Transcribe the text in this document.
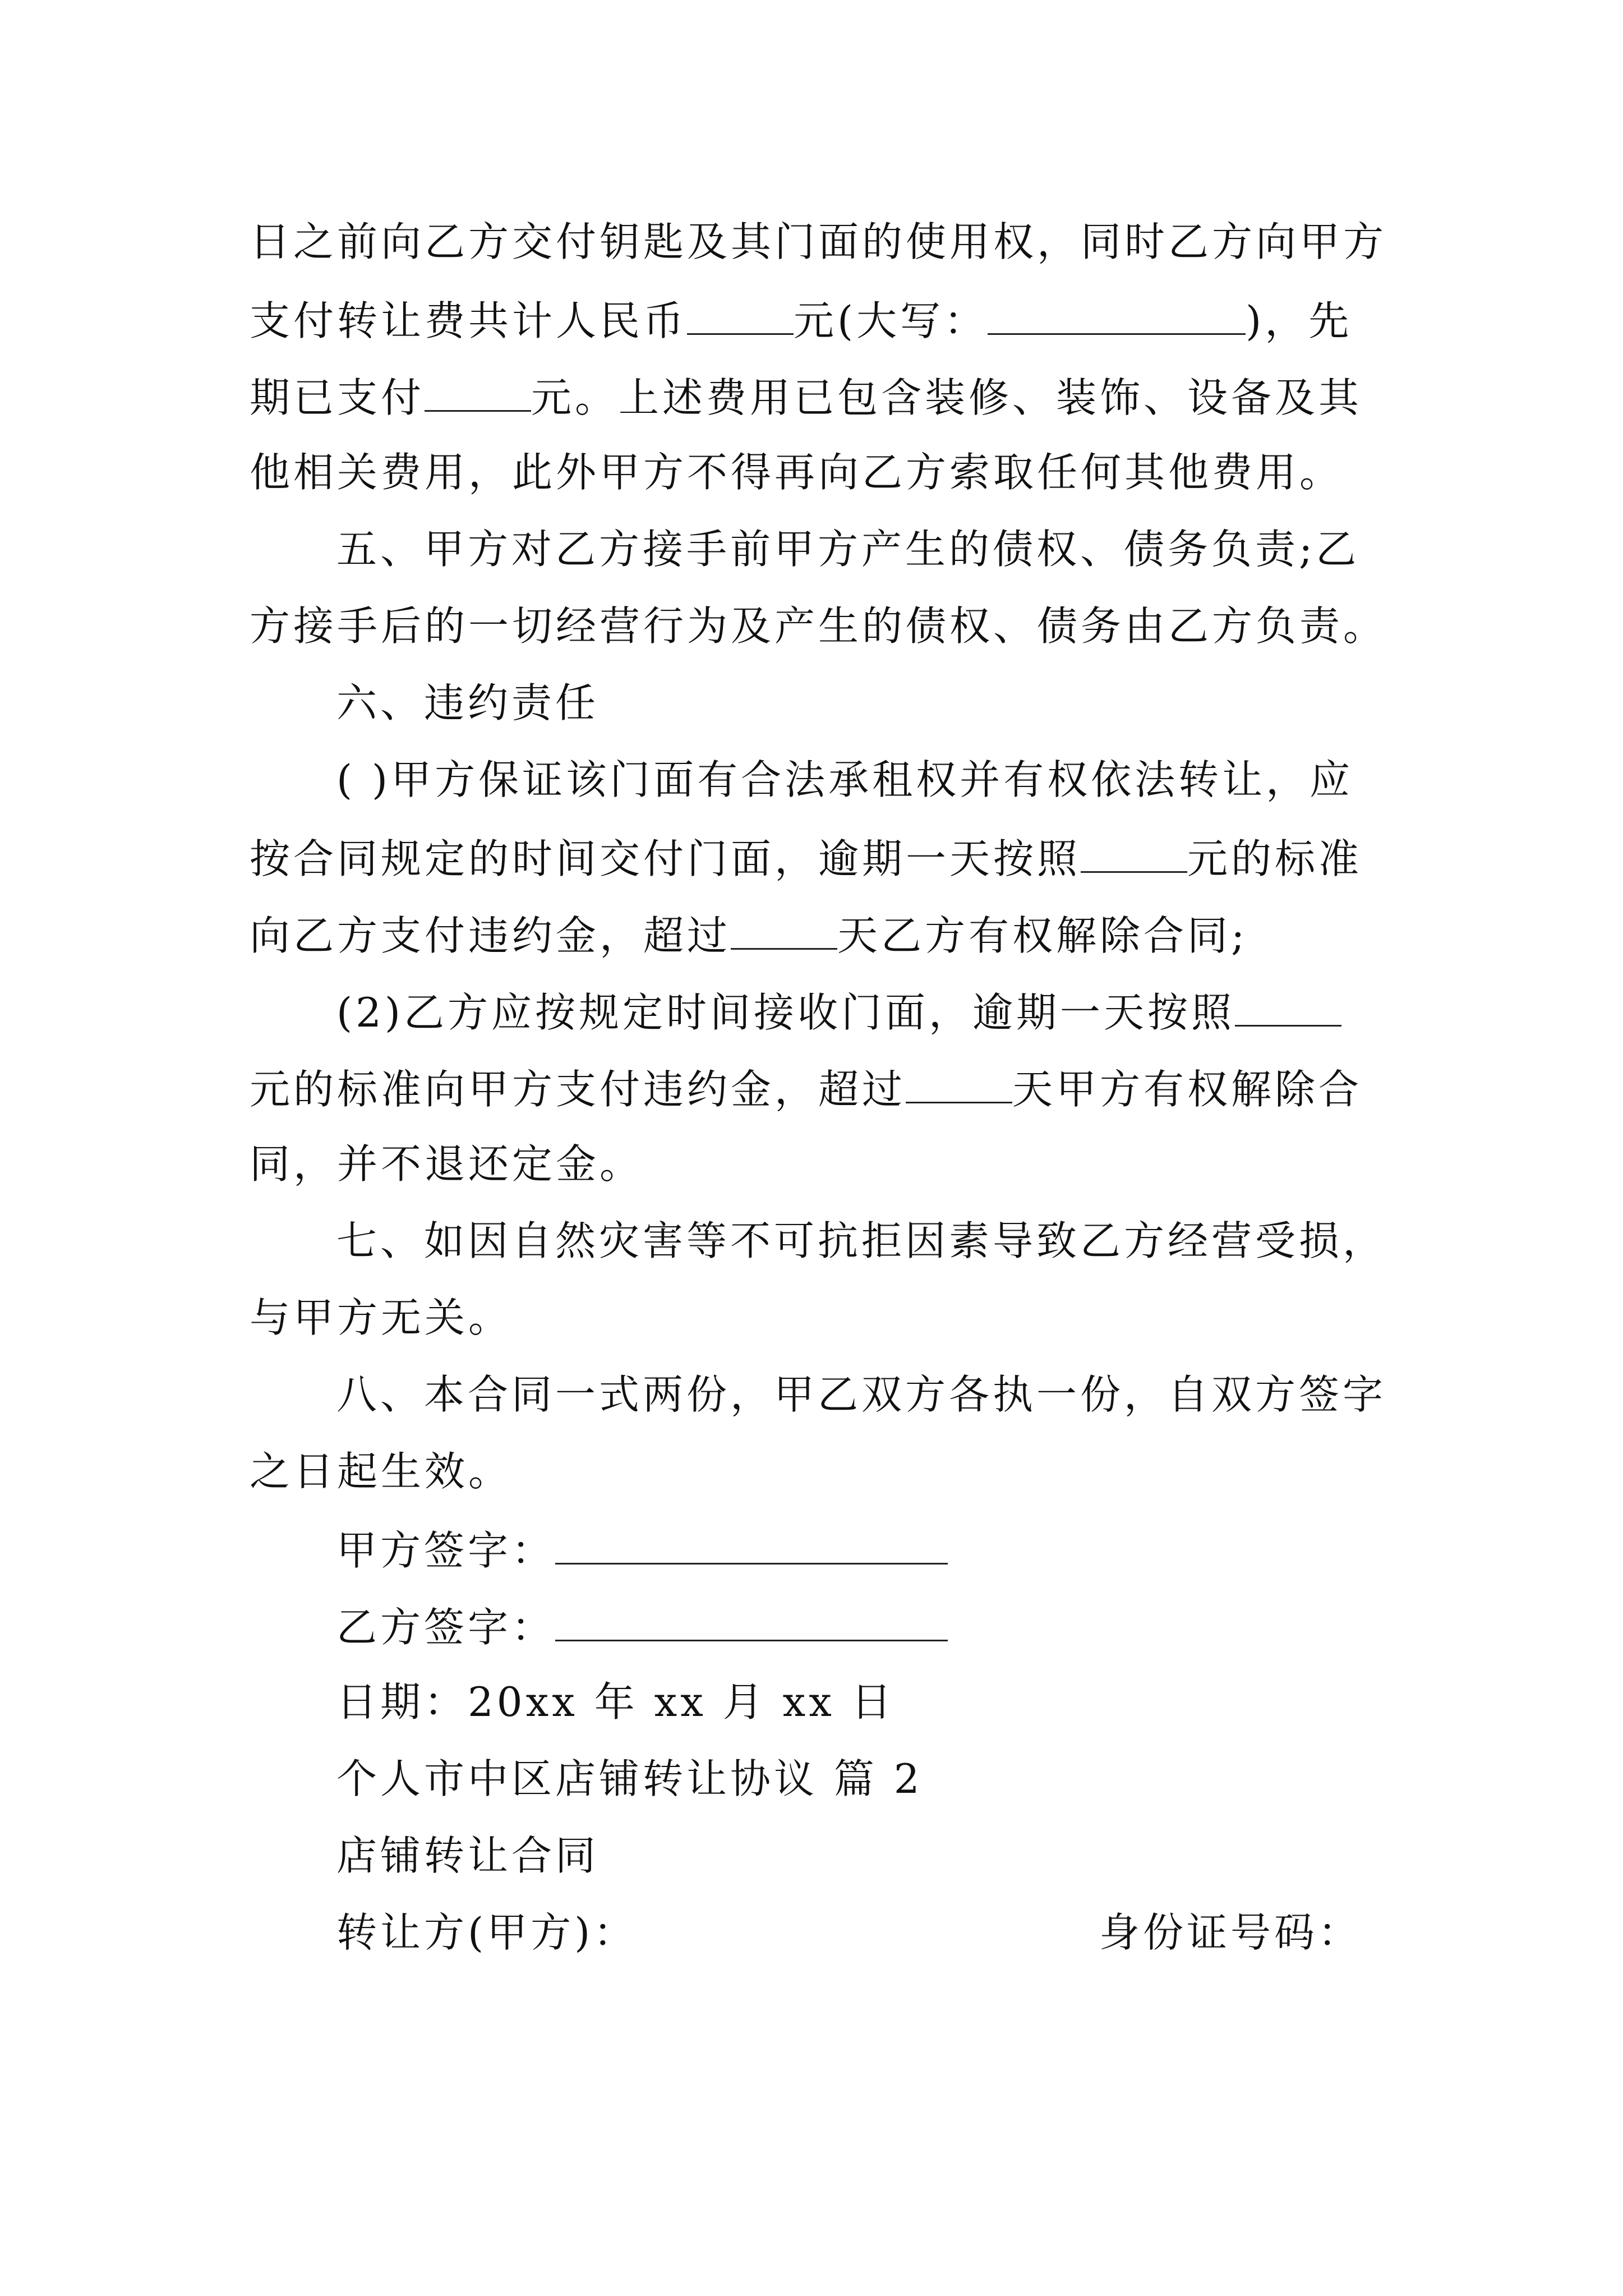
日之前向乙方交付钥匙及其门面的使用权，同时乙方向甲方
支付转让费共计人民币	元(大写：	)，先
期已支付	元。上述费用已包含装修、装饰、设备及其
他相关费用，此外甲方不得再向乙方索取任何其他费用。
五、甲方对乙方接手前甲方产生的债权、债务负责;乙
方接手后的一切经营行为及产生的债权、债务由乙方负责。
六、违约责任
( )甲方保证该门面有合法承租权并有权依法转让，应
按合同规定的时间交付门面，逾期一天按照	元的标准
向乙方支付违约金，超过	天乙方有权解除合同;
(2)乙方应按规定时间接收门面，逾期一天按照
元的标准向甲方支付违约金，超过	天甲方有权解除合
同，并不退还定金。
七、如因自然灾害等不可抗拒因素导致乙方经营受损，
与甲方无关。
八、本合同一式两份，甲乙双方各执一份，自双方签字
之日起生效。
甲方签字：
乙方签字：
日期：20xx 年 xx 月 xx 日
个人市中区店铺转让协议 篇 2
店铺转让合同
转让方(甲方)：	身份证号码：
